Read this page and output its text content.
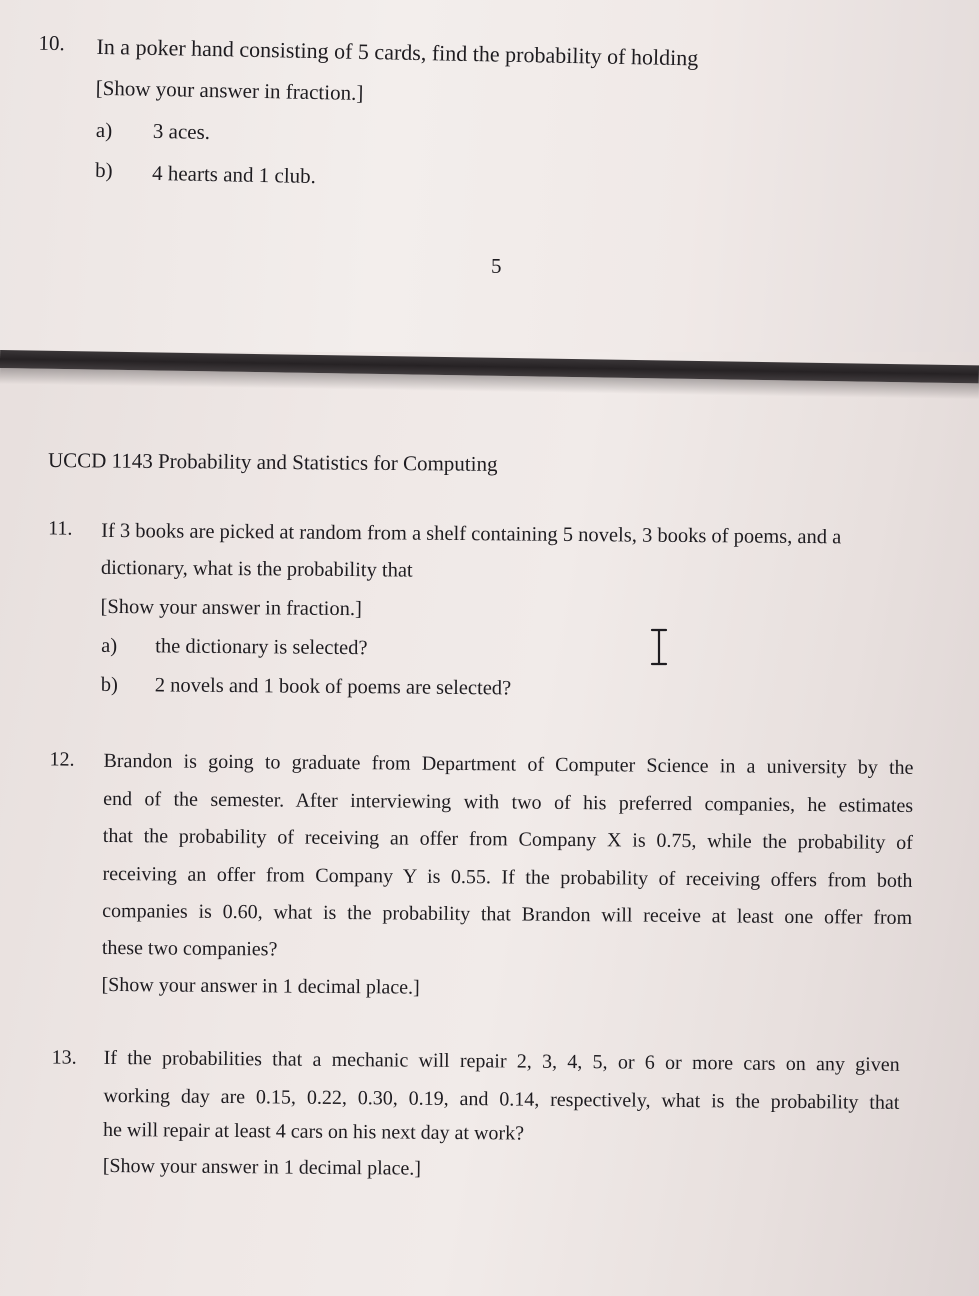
10. In a poker hand consisting of 5 cards, find the probability of holding
[Show your answer in fraction.]
a) 3 aces.
b) 4 hearts and 1 club.
5
UCCD 1143 Probability and Statistics for Computing
11. If 3 books are picked at random from a shelf containing 5 novels, 3 books of poems, and a
dictionary, what is the probability that
[Show your answer in fraction.]
a) the dictionary is selected?
b) 2 novels and 1 book of poems are selected?
12. Brandon is going to graduate from Department of Computer Science in a university by the
end of the semester. After interviewing with two of his preferred companies, he estimates
that the probability of receiving an offer from Company X is 0.75, while the probability of
receiving an offer from Company Y is 0.55. If the probability of receiving offers from both
companies is 0.60, what is the probability that Brandon will receive at least one offer from
these two companies?
[Show your answer in 1 decimal place.]
13. If the probabilities that a mechanic will repair 2, 3, 4, 5, or 6 or more cars on any given
working day are 0.15, 0.22, 0.30, 0.19, and 0.14, respectively, what is the probability that
he will repair at least 4 cars on his next day at work?
[Show your answer in 1 decimal place.]
